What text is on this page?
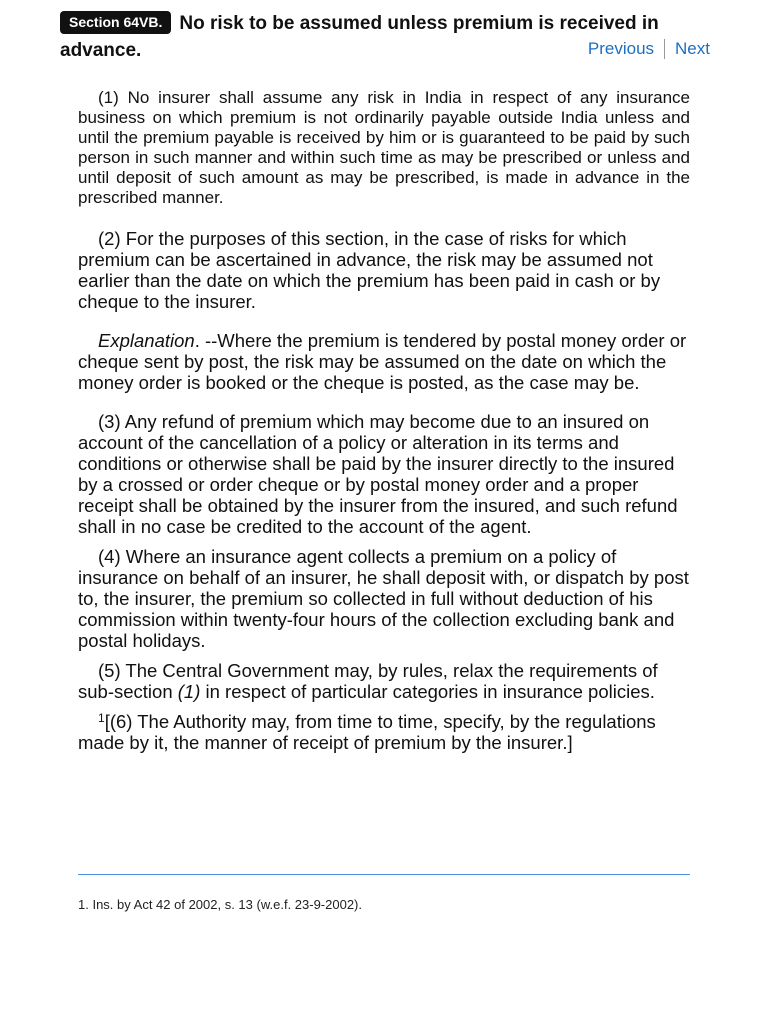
Section 64VB. No risk to be assumed unless premium is received in

advance.	Previous Next

(1) No insurer shall assume any risk in India in respect of any insurance business on which premium is not ordinarily payable outside India unless and until the premium payable is received by him or is guaranteed to be paid by such person in such manner and within such time as may be prescribed or unless and until deposit of such amount as may be prescribed, is made in advance in the prescribed manner.

(2) For the purposes of this section, in the case of risks for which premium can be ascertained in advance, the risk may be assumed not earlier than the date on which the premium has been paid in cash or by cheque to the insurer.

Explanation. --Where the premium is tendered by postal money order or cheque sent by post, the risk may be assumed on the date on which the money order is booked or the cheque is posted, as the case may be.

(3) Any refund of premium which may become due to an insured on account of the cancellation of a policy or alteration in its terms and conditions or otherwise shall be paid by the insurer directly to the insured by a crossed or order cheque or by postal money order and a proper receipt shall be obtained by the insurer from the insured, and such refund shall in no case be credited to the account of the agent.

(4) Where an insurance agent collects a premium on a policy of insurance on behalf of an insurer, he shall deposit with, or dispatch by post to, the insurer, the premium so collected in full without deduction of his commission within twenty-four hours of the collection excluding bank and postal holidays.

(5) The Central Government may, by rules, relax the requirements of sub-section (1) in respect of particular categories in insurance policies.

$^1$[(6) The Authority may, from time to time, specify, by the regulations made by it, the manner of receipt of premium by the insurer.]

1. Ins. by Act 42 of 2002, s. 13 (w.e.f. 23-9-2002).
